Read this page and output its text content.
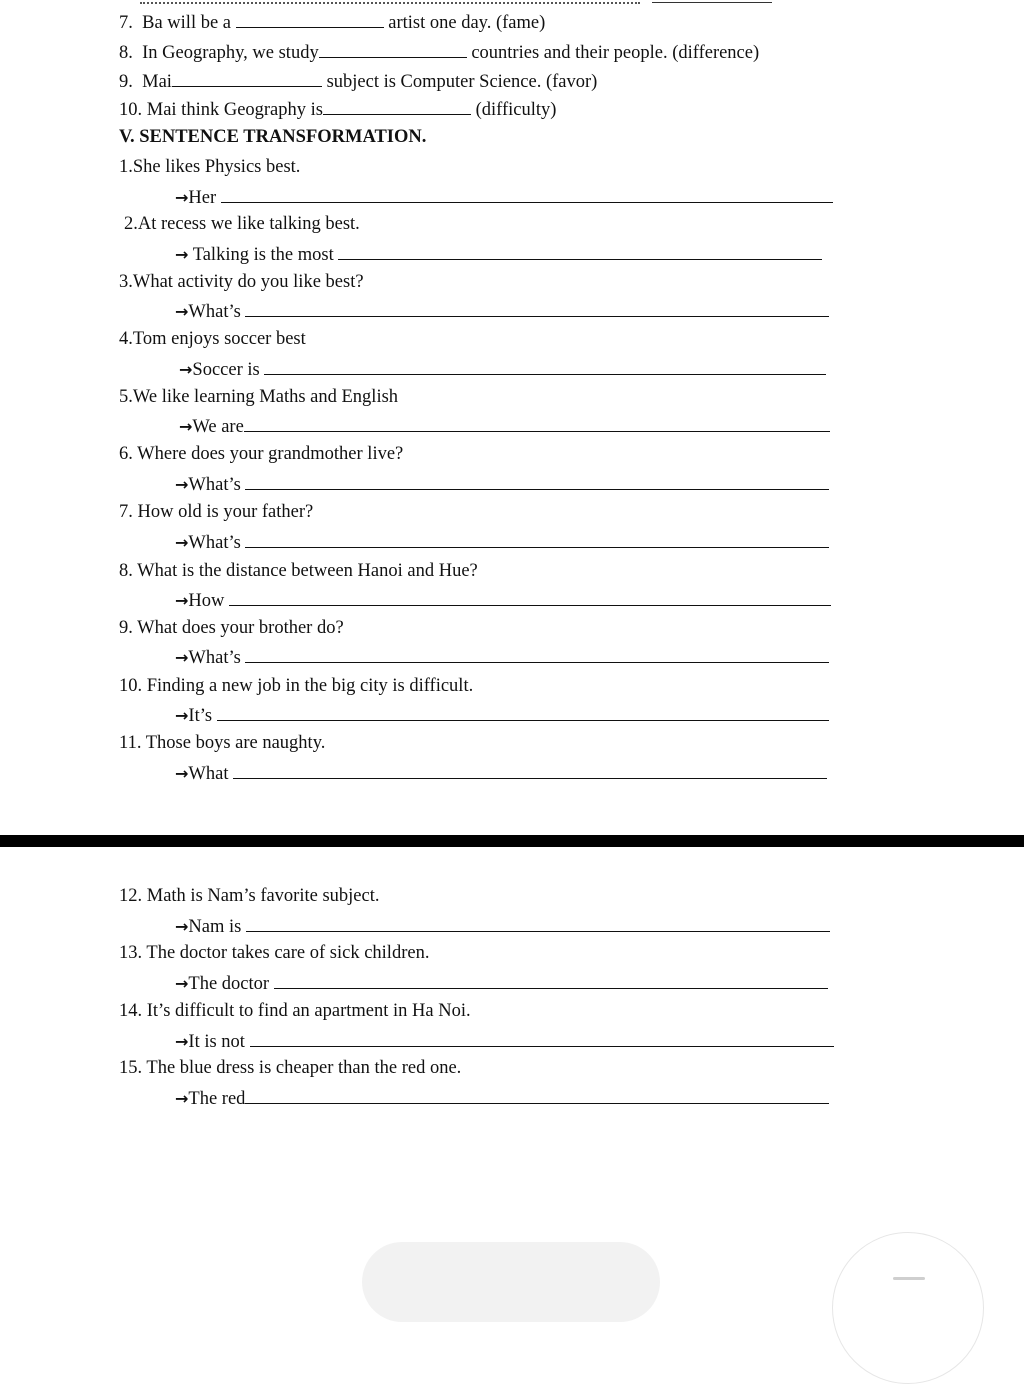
7. Ba will be a	artist one day. (fame)
8. In Geography, we study	countries and their people. (difference)
9. Mai	subject is Computer Science. (favor)
10. Mai think Geography is	(difficulty)
V. SENTENCE TRANSFORMATION.
1.She likes Physics best.
→Her
2.At recess we like talking best.
→ Talking is the most
3.What activity do you like best?
→What’s
4.Tom enjoys soccer best
→Soccer is
5.We like learning Maths and English
→We are
6. Where does your grandmother live?
→What’s
7. How old is your father?
→What’s
8. What is the distance between Hanoi and Hue?
→How
9. What does your brother do?
→What’s
10. Finding a new job in the big city is difficult.
→It’s
11. Those boys are naughty.
→What
12. Math is Nam’s favorite subject.
→Nam is
13. The doctor takes care of sick children.
→The doctor
14. It’s difficult to find an apartment in Ha Noi.
→It is not
15. The blue dress is cheaper than the red one.
→The red
